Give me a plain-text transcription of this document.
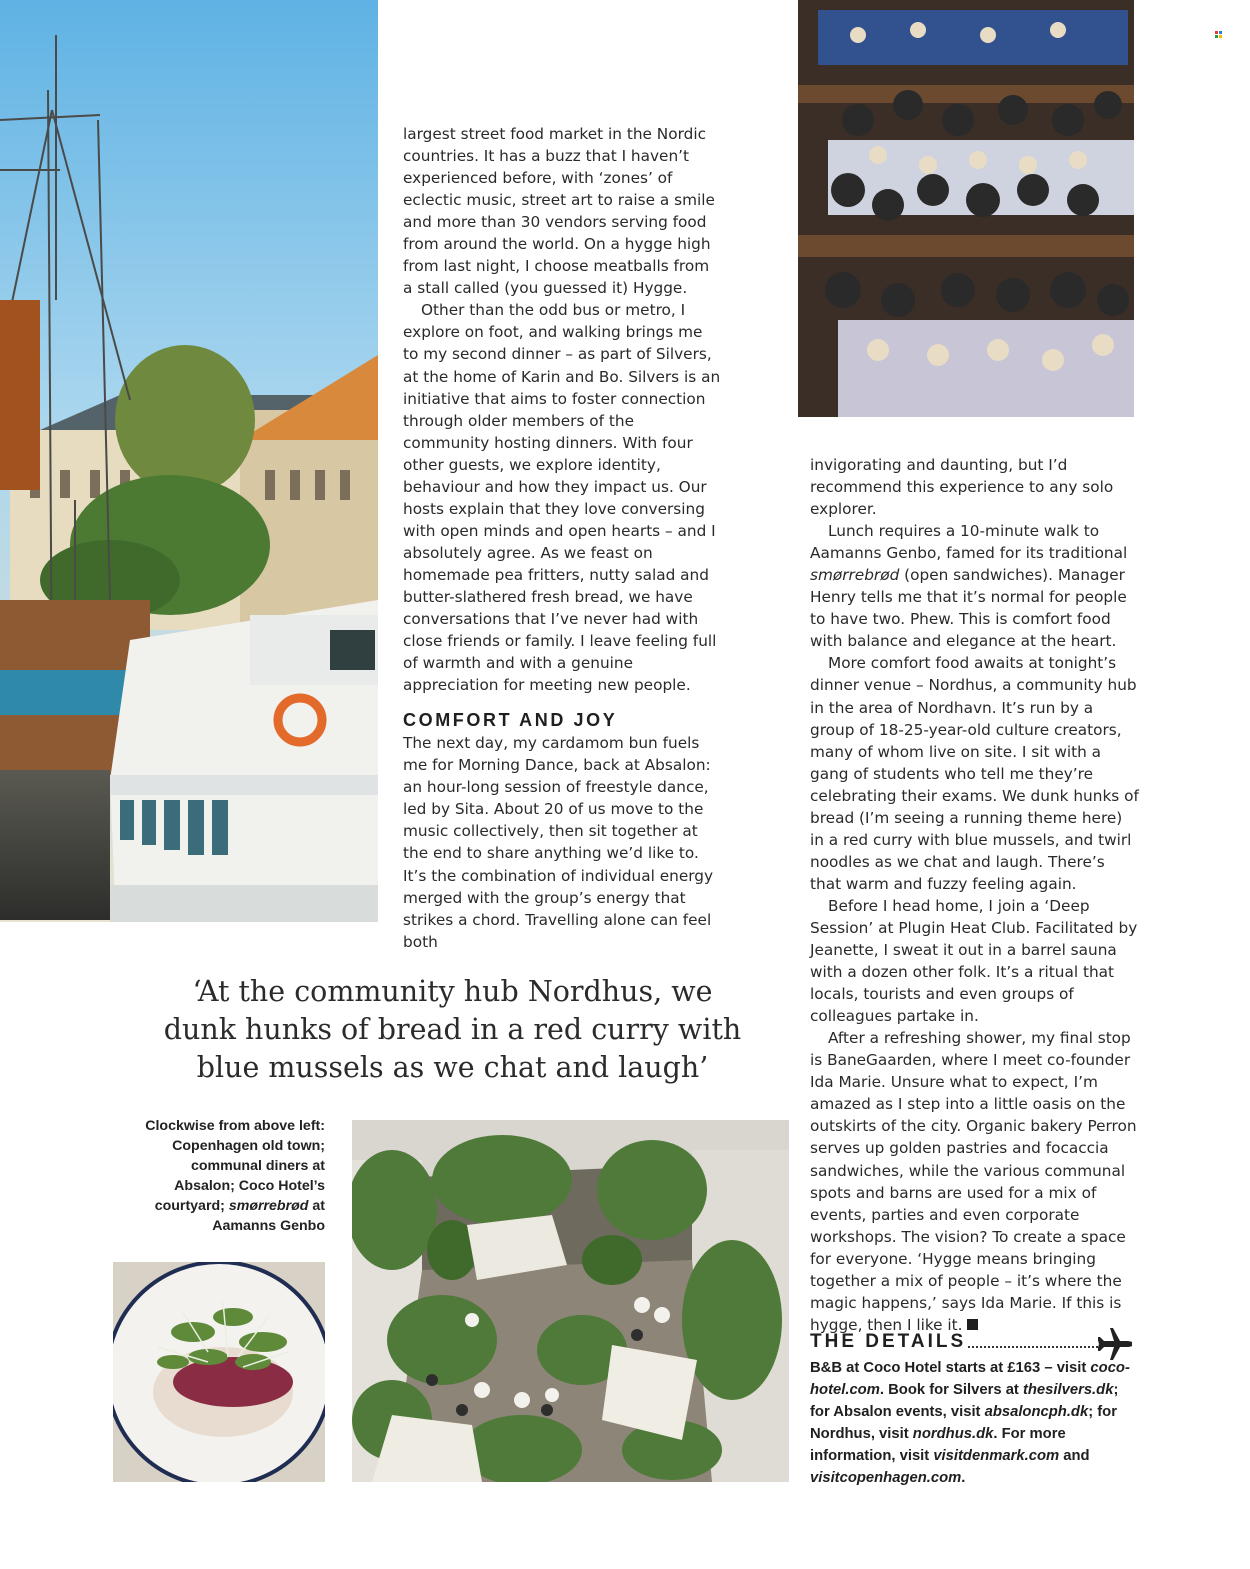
largest street food market in the Nordic countries. It has a buzz that I haven’t experienced before, with ‘zones’ of eclectic music, street art to raise a smile and more than 30 vendors serving food from around the world. On a hygge high from last night, I choose meatballs from a stall called (you guessed it) Hygge.

Other than the odd bus or metro, I explore on foot, and walking brings me to my second dinner – as part of Silvers, at the home of Karin and Bo. Silvers is an initiative that aims to foster connection through older members of the community hosting dinners. With four other guests, we explore identity, behaviour and how they impact us. Our hosts explain that they love conversing with open minds and open hearts – and I absolutely agree. As we feast on homemade pea fritters, nutty salad and butter-slathered fresh bread, we have conversations that I’ve never had with close friends or family. I leave feeling full of warmth and with a genuine appreciation for meeting new people.

COMFORT AND JOY

The next day, my cardamom bun fuels me for Morning Dance, back at Absalon: an hour-long session of freestyle dance, led by Sita. About 20 of us move to the music collectively, then sit together at the end to share anything we’d like to. It’s the combination of individual energy merged with the group’s energy that strikes a chord. Travelling alone can feel both

invigorating and daunting, but I’d recommend this experience to any solo explorer.

Lunch requires a 10-minute walk to Aamanns Genbo, famed for its traditional smørrebrød (open sandwiches). Manager Henry tells me that it’s normal for people to have two. Phew. This is comfort food with balance and elegance at the heart.

More comfort food awaits at tonight’s dinner venue – Nordhus, a community hub in the area of Nordhavn. It’s run by a group of 18-25-year-old culture creators, many of whom live on site. I sit with a gang of students who tell me they’re celebrating their exams. We dunk hunks of bread (I’m seeing a running theme here) in a red curry with blue mussels, and twirl noodles as we chat and laugh. There’s that warm and fuzzy feeling again.

Before I head home, I join a ‘Deep Session’ at Plugin Heat Club. Facilitated by Jeanette, I sweat it out in a barrel sauna with a dozen other folk. It’s a ritual that locals, tourists and even groups of colleagues partake in.

After a refreshing shower, my final stop is BaneGaarden, where I meet co-founder Ida Marie. Unsure what to expect, I’m amazed as I step into a little oasis on the outskirts of the city. Organic bakery Perron serves up golden pastries and focaccia sandwiches, while the various communal spots and barns are used for a mix of events, parties and even corporate workshops. The vision? To create a space for everyone. ‘Hygge means bringing together a mix of people – it’s where the magic happens,’ says Ida Marie. If this is hygge, then I like it.

‘At the community hub Nordhus, we dunk hunks of bread in a red curry with blue mussels as we chat and laugh’
Clockwise from above left: Copenhagen old town; communal diners at Absalon; Coco Hotel’s courtyard; smørrebrød at Aamanns Genbo
THE DETAILS
B&B at Coco Hotel starts at £163 – visit coco-hotel.com. Book for Silvers at thesilvers.dk; for Absalon events, visit absaloncph.dk; for Nordhus, visit nordhus.dk. For more information, visit visitdenmark.com and visitcopenhagen.com.
